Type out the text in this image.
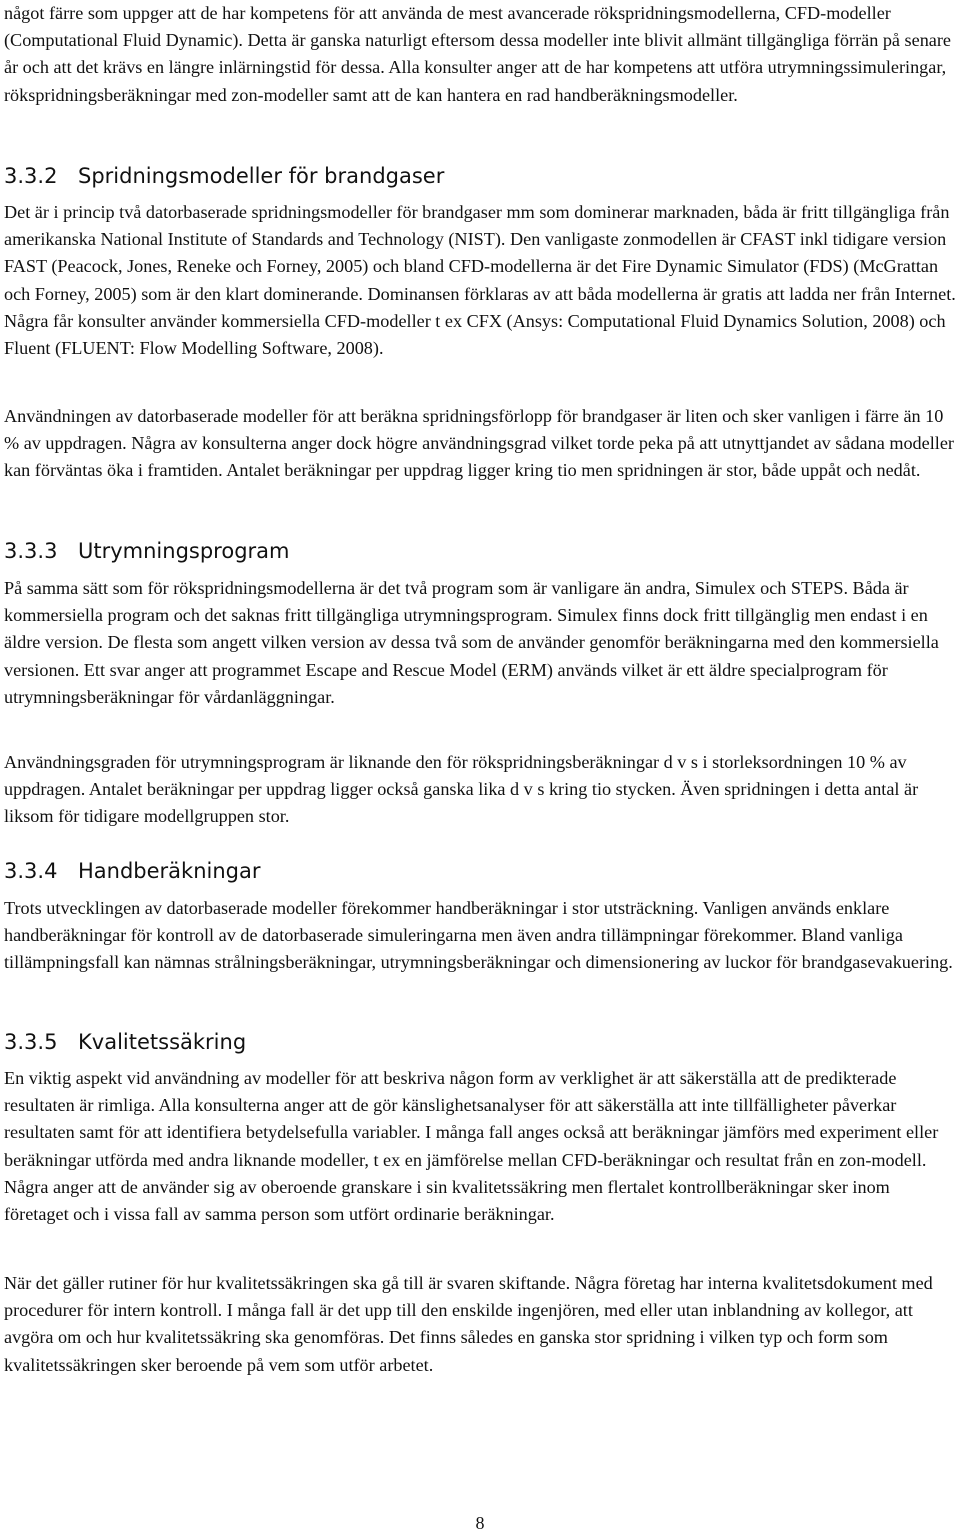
något färre som uppger att de har kompetens för att använda de mest avancerade rökspridningsmodellerna, CFD-modeller (Computational Fluid Dynamic). Detta är ganska naturligt eftersom dessa modeller inte blivit allmänt tillgängliga förrän på senare år och att det krävs en längre inlärningstid för dessa. Alla konsulter anger att de har kompetens att utföra utrymningssimuleringar, rökspridningsberäkningar med zon-modeller samt att de kan hantera en rad handberäkningsmodeller.

3.3.2 Spridningsmodeller för brandgaser

Det är i princip två datorbaserade spridningsmodeller för brandgaser mm som dominerar marknaden, båda är fritt tillgängliga från amerikanska National Institute of Standards and Technology (NIST). Den vanligaste zonmodellen är CFAST inkl tidigare version FAST (Peacock, Jones, Reneke och Forney, 2005) och bland CFD-modellerna är det Fire Dynamic Simulator (FDS) (McGrattan och Forney, 2005) som är den klart dominerande. Dominansen förklaras av att båda modellerna är gratis att ladda ner från Internet. Några får konsulter använder kommersiella CFD-modeller t ex CFX (Ansys: Computational Fluid Dynamics Solution, 2008) och Fluent (FLUENT: Flow Modelling Software, 2008).

Användningen av datorbaserade modeller för att beräkna spridningsförlopp för brandgaser är liten och sker vanligen i färre än 10 % av uppdragen. Några av konsulterna anger dock högre användningsgrad vilket torde peka på att utnyttjandet av sådana modeller kan förväntas öka i framtiden. Antalet beräkningar per uppdrag ligger kring tio men spridningen är stor, både uppåt och nedåt.

3.3.3 Utrymningsprogram

På samma sätt som för rökspridningsmodellerna är det två program som är vanligare än andra, Simulex och STEPS. Båda är kommersiella program och det saknas fritt tillgängliga utrymningsprogram. Simulex finns dock fritt tillgänglig men endast i en äldre version. De flesta som angett vilken version av dessa två som de använder genomför beräkningarna med den kommersiella versionen. Ett svar anger att programmet Escape and Rescue Model (ERM) används vilket är ett äldre specialprogram för utrymningsberäkningar för vårdanläggningar.

Användningsgraden för utrymningsprogram är liknande den för rökspridningsberäkningar d v s i storleksordningen 10 % av uppdragen. Antalet beräkningar per uppdrag ligger också ganska lika d v s kring tio stycken. Även spridningen i detta antal är liksom för tidigare modellgruppen stor.

3.3.4 Handberäkningar

Trots utvecklingen av datorbaserade modeller förekommer handberäkningar i stor utsträckning. Vanligen används enklare handberäkningar för kontroll av de datorbaserade simuleringarna men även andra tillämpningar förekommer. Bland vanliga tillämpningsfall kan nämnas strålningsberäkningar, utrymningsberäkningar och dimensionering av luckor för brandgasevakuering.

3.3.5 Kvalitetssäkring

En viktig aspekt vid användning av modeller för att beskriva någon form av verklighet är att säkerställa att de predikterade resultaten är rimliga. Alla konsulterna anger att de gör känslighetsanalyser för att säkerställa att inte tillfälligheter påverkar resultaten samt för att identifiera betydelsefulla variabler. I många fall anges också att beräkningar jämförs med experiment eller beräkningar utförda med andra liknande modeller, t ex en jämförelse mellan CFD-beräkningar och resultat från en zon-modell. Några anger att de använder sig av oberoende granskare i sin kvalitetssäkring men flertalet kontrollberäkningar sker inom företaget och i vissa fall av samma person som utfört ordinarie beräkningar.

När det gäller rutiner för hur kvalitetssäkringen ska gå till är svaren skiftande. Några företag har interna kvalitetsdokument med procedurer för intern kontroll. I många fall är det upp till den enskilde ingenjören, med eller utan inblandning av kollegor, att avgöra om och hur kvalitetssäkring ska genomföras. Det finns således en ganska stor spridning i vilken typ och form som kvalitetssäkringen sker beroende på vem som utför arbetet.

8
